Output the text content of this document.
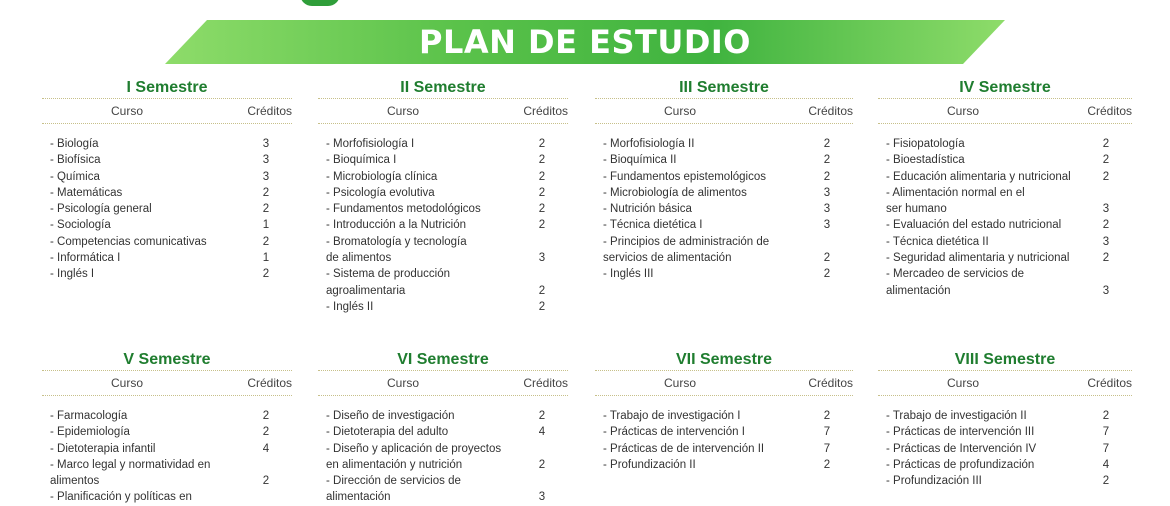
PLAN DE ESTUDIO
I Semestre
Curso	Créditos
- Biología	3
- Biofísica	3
- Química	3
- Matemáticas	2
- Psicología general	2
- Sociología	1
- Competencias comunicativas	2
- Informática I	1
- Inglés I	2
II Semestre
Curso	Créditos
- Morfofisiología I	2
- Bioquímica I	2
- Microbiología clínica	2
- Psicología evolutiva	2
- Fundamentos metodológicos	2
- Introducción a la Nutrición	2
- Bromatología y tecnología
de alimentos	3
- Sistema de producción
agroalimentaria	2
- Inglés II	2
III Semestre
Curso	Créditos
- Morfofisiología II	2
- Bioquímica II	2
- Fundamentos epistemológicos	2
- Microbiología de alimentos	3
- Nutrición básica	3
- Técnica dietética I	3
- Principios de administración de
servicios de alimentación	2
- Inglés III	2
IV Semestre
Curso	Créditos
- Fisiopatología	2
- Bioestadística	2
- Educación alimentaria y nutricional	2
- Alimentación normal en el
ser humano	3
- Evaluación del estado nutricional	2
- Técnica dietética II	3
- Seguridad alimentaria y nutricional	2
- Mercadeo de servicios de
alimentación	3
V Semestre
Curso	Créditos
- Farmacología	2
- Epidemiología	2
- Dietoterapia infantil	4
- Marco legal y normatividad en
alimentos	2
- Planificación y políticas en
VI Semestre
Curso	Créditos
- Diseño de investigación	2
- Dietoterapia del adulto	4
- Diseño y aplicación de proyectos
en alimentación y nutrición	2
- Dirección de servicios de
alimentación	3
VII Semestre
Curso	Créditos
- Trabajo de investigación I	2
- Prácticas de intervención I	7
- Prácticas de de intervención II	7
- Profundización II	2
VIII Semestre
Curso	Créditos
- Trabajo de investigación II	2
- Prácticas de intervención III	7
- Prácticas de Intervención IV	7
- Prácticas de profundización	4
- Profundización III	2
